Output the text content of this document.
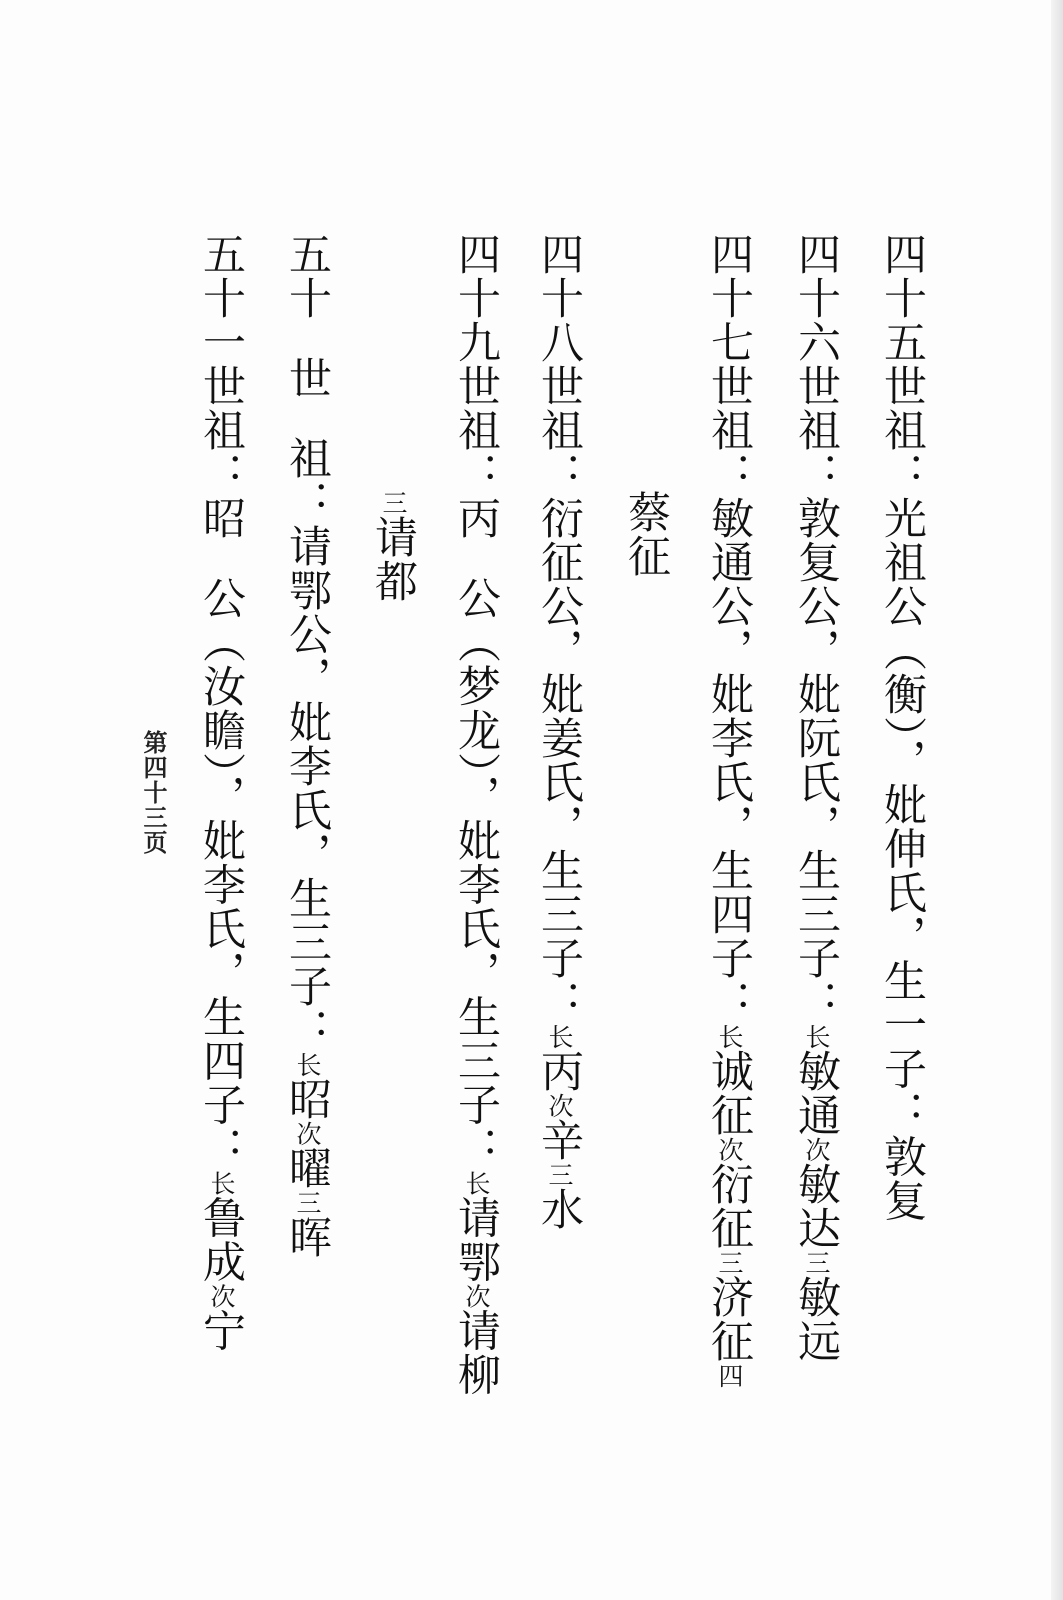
四十五世祖：光祖公（衡），妣伸氏，生一子：敦复
四十六世祖：敦复公，妣阮氏，生三子：长敏通次敏达三敏远
四十七世祖：敏通公，妣李氏，生四子：长诚征次衍征三济征四
蔡征
四十八世祖：衍征公，妣姜氏，生三子：长丙次辛三水
四十九世祖：丙公（梦龙），妣李氏，生三子：长请鄂次请柳
三请都
五十世祖：请鄂公，妣李氏，生三子：长昭次曜三晖
五十一世祖：昭公（汝瞻），妣李氏，生四子：长鲁成次宁
第四十三页
